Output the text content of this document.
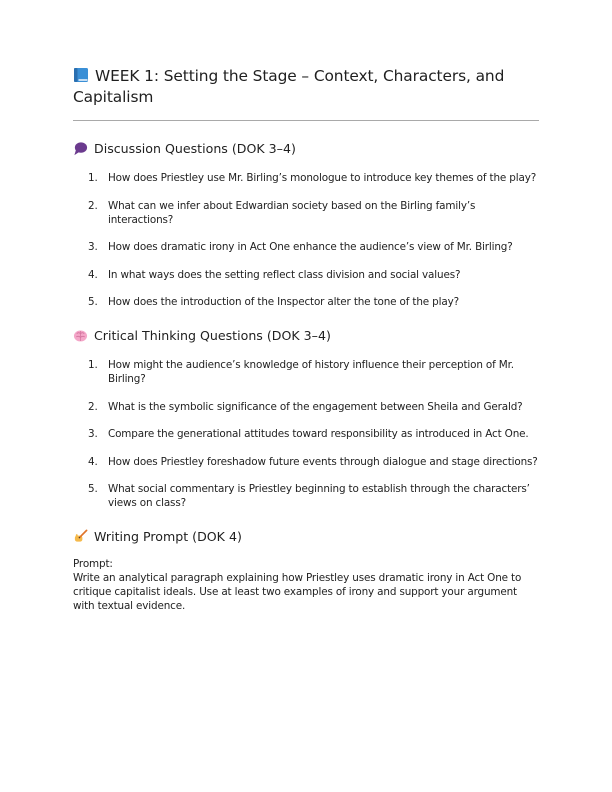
WEEK 1: Setting the Stage – Context, Characters, and Capitalism
Discussion Questions (DOK 3–4)
1. How does Priestley use Mr. Birling’s monologue to introduce key themes of the play?
2. What can we infer about Edwardian society based on the Birling family’s interactions?
3. How does dramatic irony in Act One enhance the audience’s view of Mr. Birling?
4. In what ways does the setting reflect class division and social values?
5. How does the introduction of the Inspector alter the tone of the play?
Critical Thinking Questions (DOK 3–4)
1. How might the audience’s knowledge of history influence their perception of Mr. Birling?
2. What is the symbolic significance of the engagement between Sheila and Gerald?
3. Compare the generational attitudes toward responsibility as introduced in Act One.
4. How does Priestley foreshadow future events through dialogue and stage directions?
5. What social commentary is Priestley beginning to establish through the characters’ views on class?
Writing Prompt (DOK 4)
Prompt:
Write an analytical paragraph explaining how Priestley uses dramatic irony in Act One to critique capitalist ideals. Use at least two examples of irony and support your argument with textual evidence.
